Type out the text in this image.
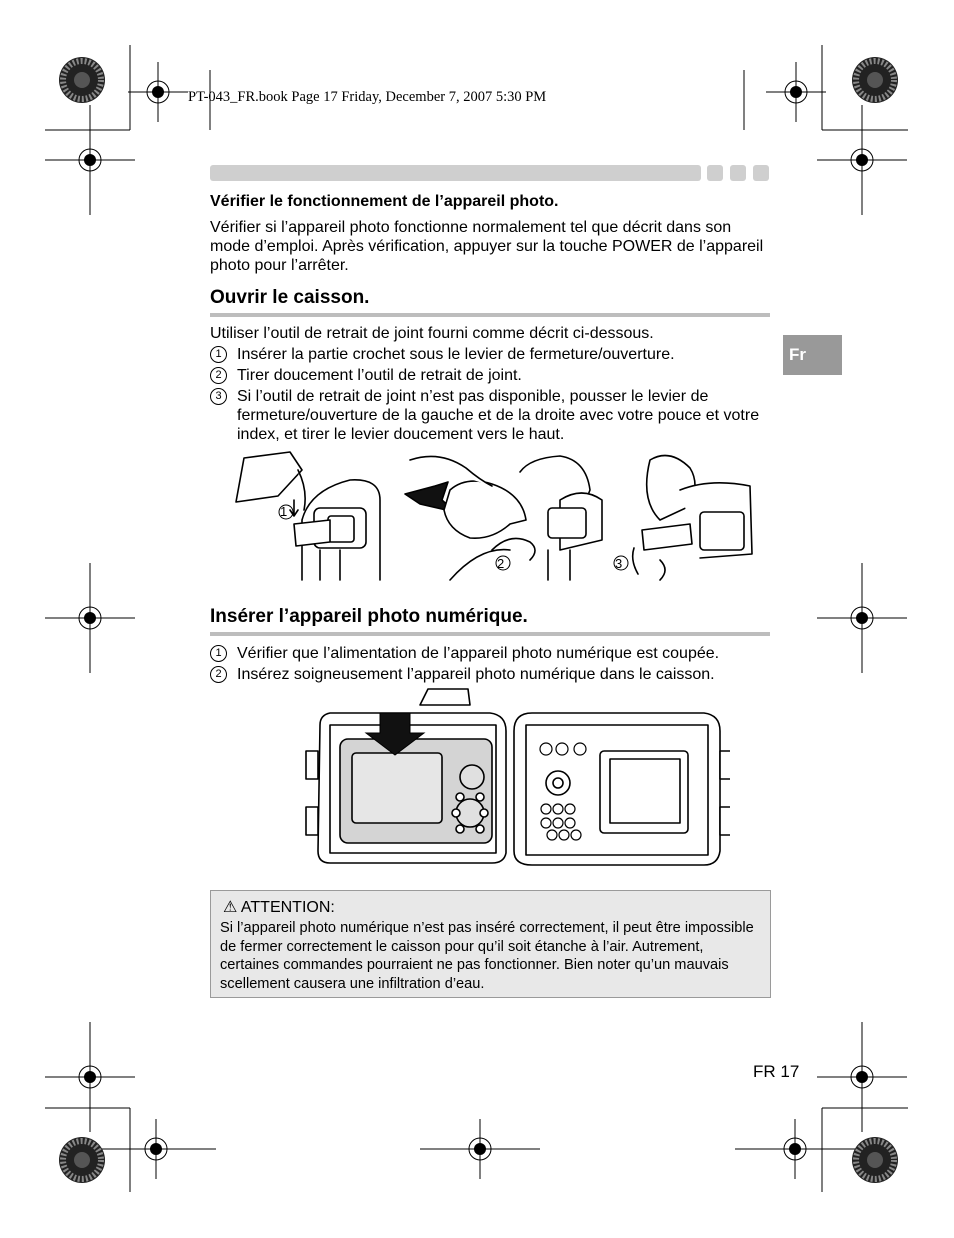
PT-043_FR.book Page 17 Friday, December 7, 2007 5:30 PM
Fr
Vérifier le fonctionnement de l’appareil photo.
Vérifier si l’appareil photo fonctionne normalement tel que décrit dans son mode d’emploi. Après vérification, appuyer sur la touche POWER de l’appareil photo pour l’arrêter.
Ouvrir le caisson.
Utiliser l’outil de retrait de joint fourni comme décrit ci-dessous.
1 Insérer la partie crochet sous le levier de fermeture/ouverture.
2 Tirer doucement l’outil de retrait de joint.
3 Si l’outil de retrait de joint n’est pas disponible, pousser le levier de fermeture/ouverture de la gauche et de la droite avec votre pouce et votre index, et tirer le levier doucement vers le haut.
1
2	3
Insérer l’appareil photo numérique.
1 Vérifier que l’alimentation de l’appareil photo numérique est coupée.
2 Insérez soigneusement l’appareil photo numérique dans le caisson.
⚠ ATTENTION:
Si l’appareil photo numérique n’est pas inséré correctement, il peut être impossible de fermer correctement le caisson pour qu’il soit étanche à l’air. Autrement, certaines commandes pourraient ne pas fonctionner. Bien noter qu’un mauvais scellement causera une infiltration d’eau.
FR 17
